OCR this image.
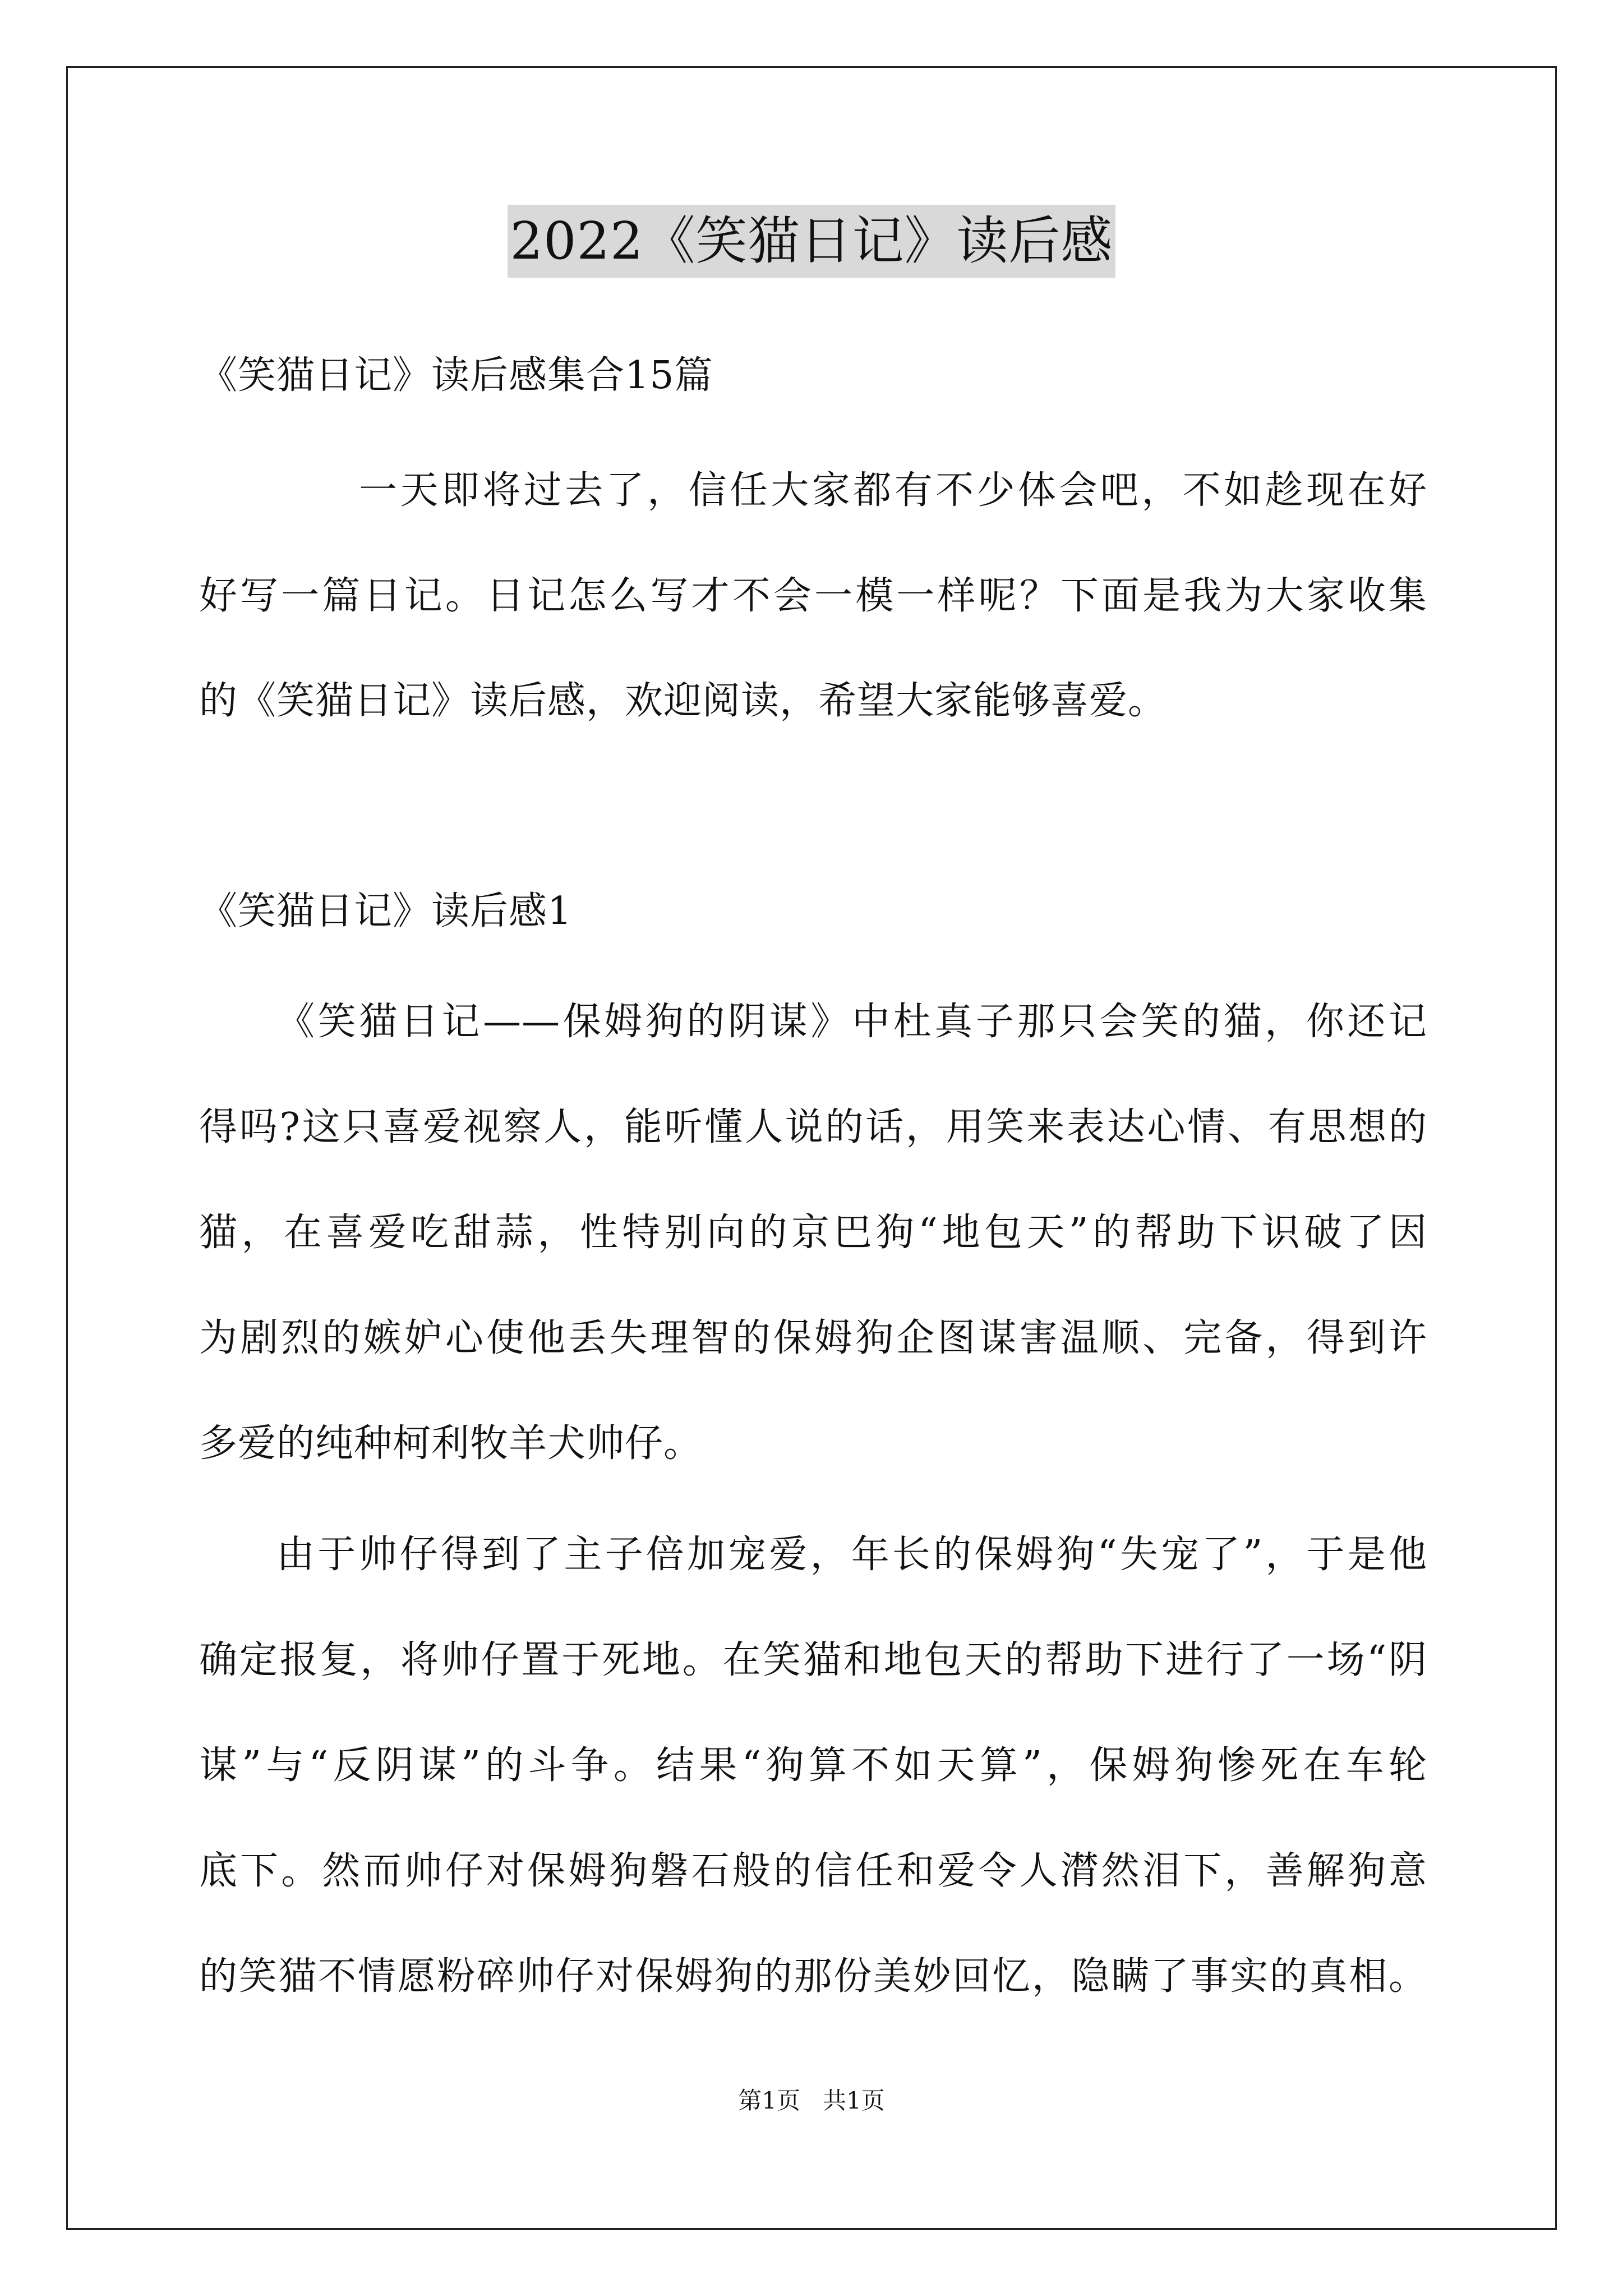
2022《笑猫日记》读后感
《笑猫日记》读后感集合15篇
一天即将过去了，信任大家都有不少体会吧，不如趁现在好
好写一篇日记。日记怎么写才不会一模一样呢？下面是我为大家收集
的《笑猫日记》读后感，欢迎阅读，希望大家能够喜爱。
《笑猫日记》读后感1
《笑猫日记——保姆狗的阴谋》中杜真子那只会笑的猫，你还记
得吗?这只喜爱视察人，能听懂人说的话，用笑来表达心情、有思想的
猫，在喜爱吃甜蒜，性特别向的京巴狗“地包天”的帮助下识破了因
为剧烈的嫉妒心使他丢失理智的保姆狗企图谋害温顺、完备，得到许
多爱的纯种柯利牧羊犬帅仔。
由于帅仔得到了主子倍加宠爱，年长的保姆狗“失宠了”，于是他
确定报复，将帅仔置于死地。在笑猫和地包天的帮助下进行了一场“阴
谋”与“反阴谋”的斗争。结果“狗算不如天算”，保姆狗惨死在车轮
底下。然而帅仔对保姆狗磐石般的信任和爱令人潸然泪下，善解狗意
的笑猫不情愿粉碎帅仔对保姆狗的那份美妙回忆，隐瞒了事实的真相。
第1页 共1页
